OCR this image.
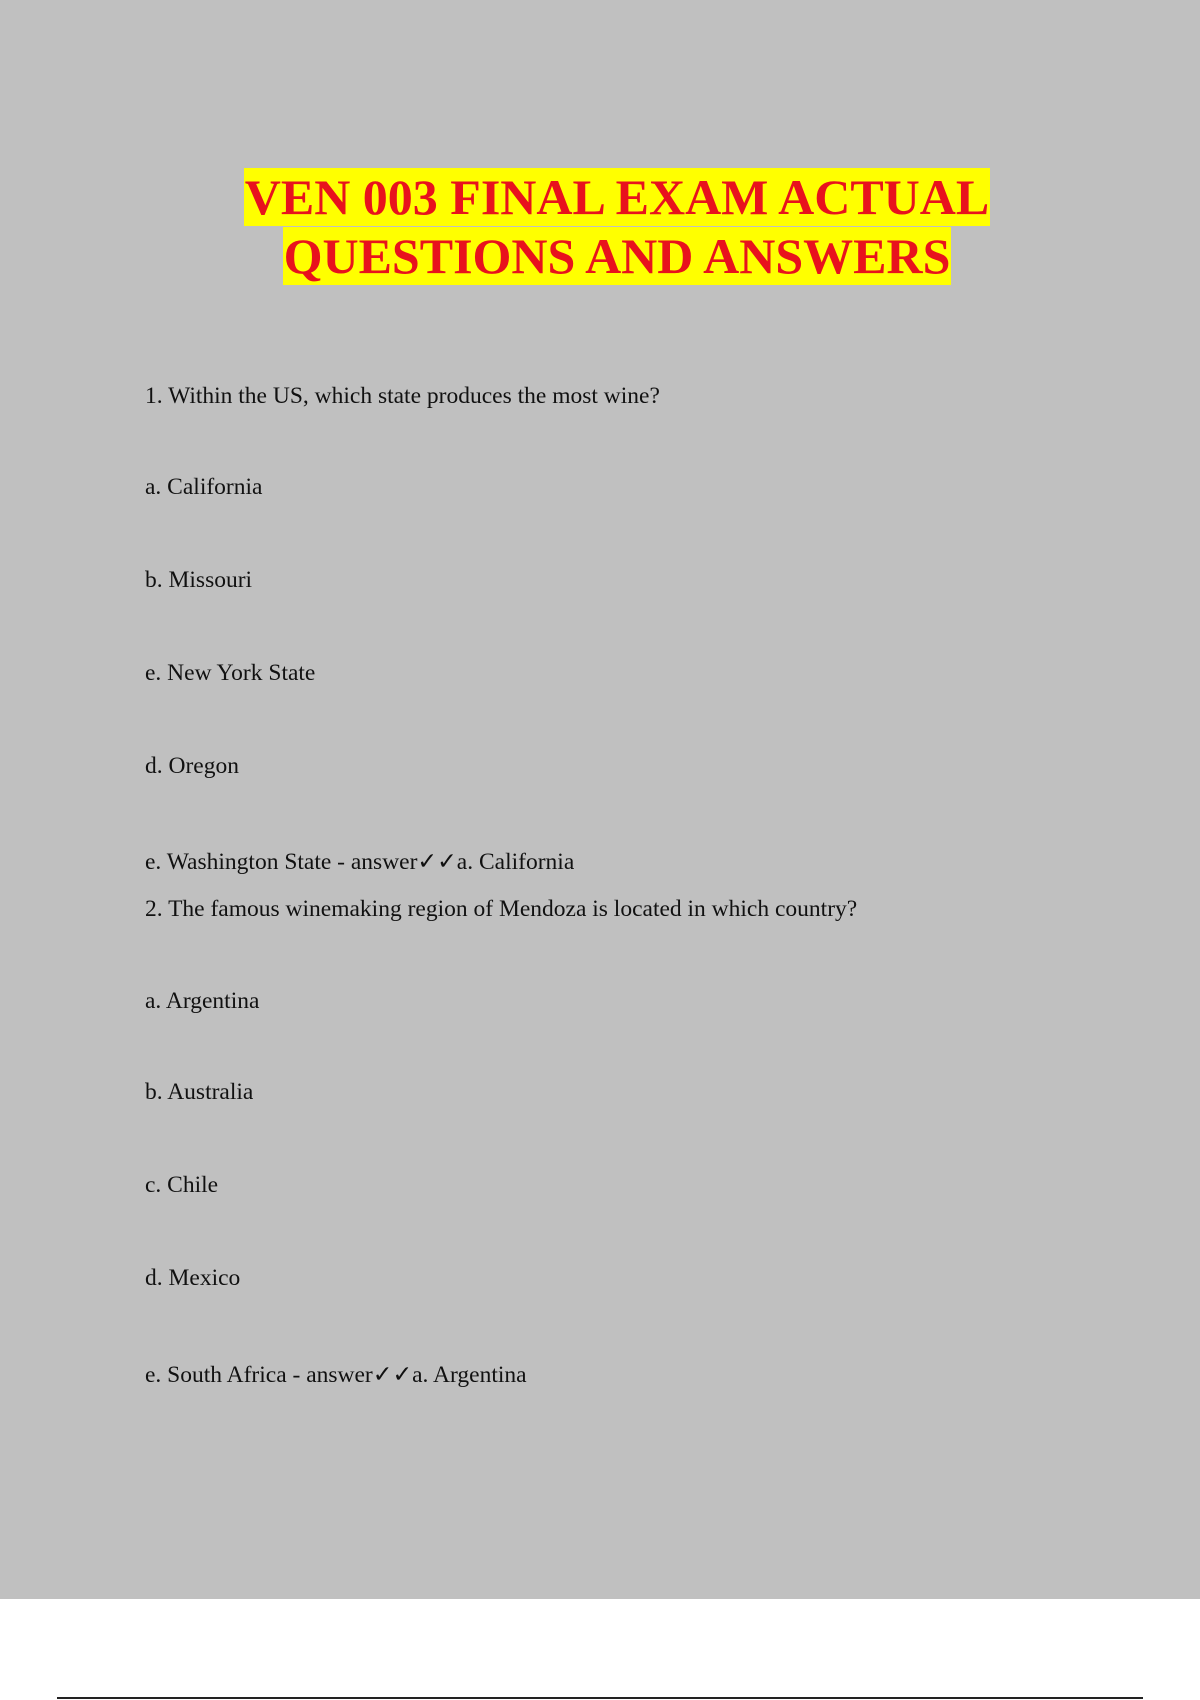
VEN 003 FINAL EXAM ACTUAL
QUESTIONS AND ANSWERS
1. Within the US, which state produces the most wine?
a. California
b. Missouri
e. New York State
d. Oregon
e. Washington State - answer✓✓a. California
2. The famous winemaking region of Mendoza is located in which country?
a. Argentina
b. Australia
c. Chile
d. Mexico
e. South Africa - answer✓✓a. Argentina
